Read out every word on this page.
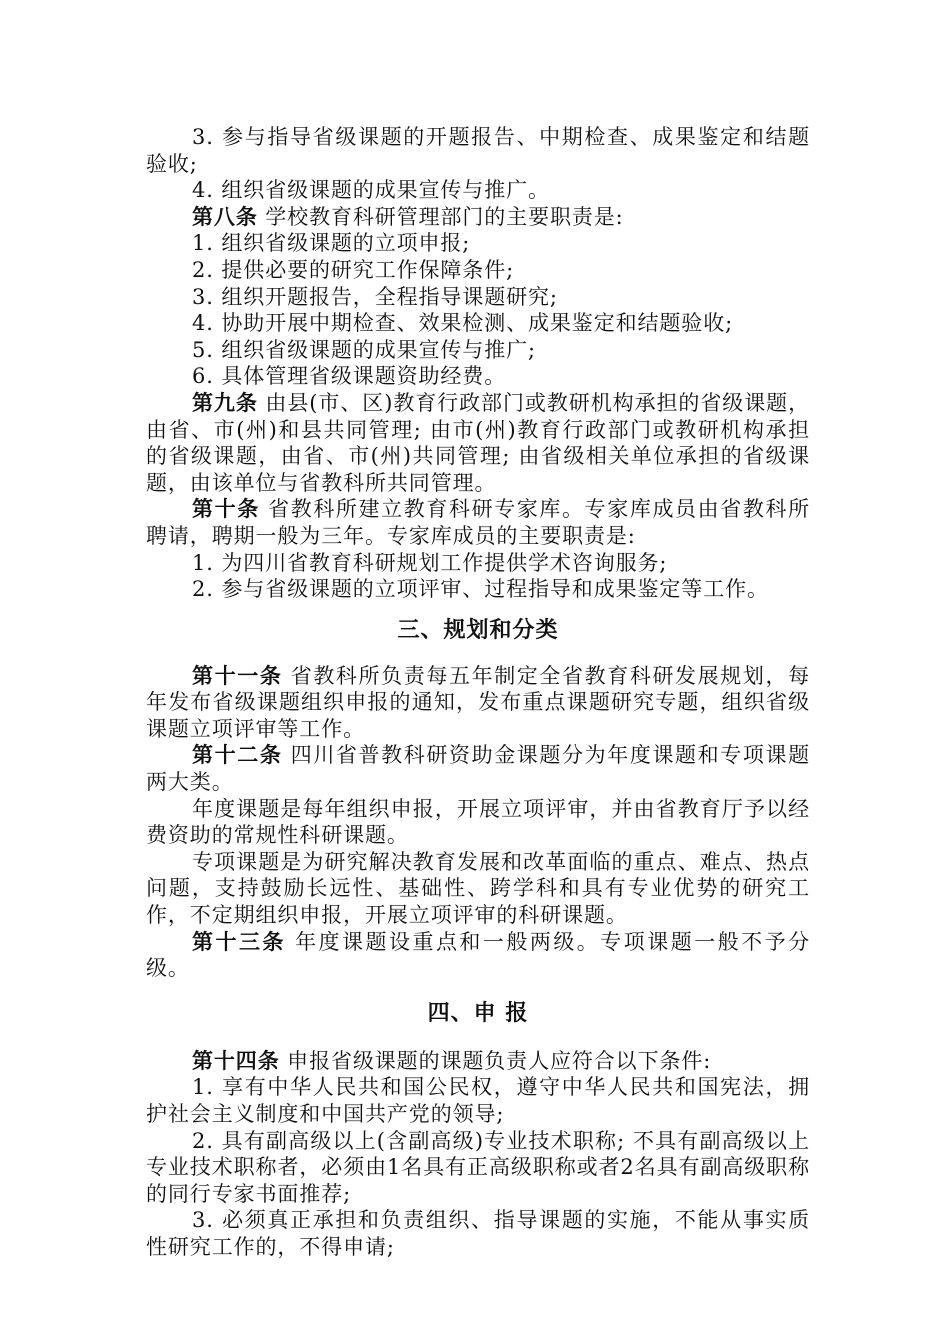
3. 参与指导省级课题的开题报告、中期检查、成果鉴定和结题验收;

4. 组织省级课题的成果宣传与推广。

第八条 学校教育科研管理部门的主要职责是:

1. 组织省级课题的立项申报;

2. 提供必要的研究工作保障条件;

3. 组织开题报告，全程指导课题研究;

4. 协助开展中期检查、效果检测、成果鉴定和结题验收;

5. 组织省级课题的成果宣传与推广;

6. 具体管理省级课题资助经费。

第九条 由县(市、区)教育行政部门或教研机构承担的省级课题，由省、市(州)和县共同管理; 由市(州)教育行政部门或教研机构承担的省级课题，由省、市(州)共同管理; 由省级相关单位承担的省级课题，由该单位与省教科所共同管理。

第十条 省教科所建立教育科研专家库。专家库成员由省教科所聘请，聘期一般为三年。专家库成员的主要职责是:

1. 为四川省教育科研规划工作提供学术咨询服务;

2. 参与省级课题的立项评审、过程指导和成果鉴定等工作。

三、规划和分类

第十一条 省教科所负责每五年制定全省教育科研发展规划，每年发布省级课题组织申报的通知，发布重点课题研究专题，组织省级课题立项评审等工作。

第十二条 四川省普教科研资助金课题分为年度课题和专项课题两大类。

年度课题是每年组织申报，开展立项评审，并由省教育厅予以经费资助的常规性科研课题。

专项课题是为研究解决教育发展和改革面临的重点、难点、热点问题，支持鼓励长远性、基础性、跨学科和具有专业优势的研究工作，不定期组织申报，开展立项评审的科研课题。

第十三条 年度课题设重点和一般两级。专项课题一般不予分级。

四、申 报

第十四条 申报省级课题的课题负责人应符合以下条件:

1. 享有中华人民共和国公民权，遵守中华人民共和国宪法，拥护社会主义制度和中国共产党的领导;

2. 具有副高级以上(含副高级)专业技术职称; 不具有副高级以上专业技术职称者，必须由1名具有正高级职称或者2名具有副高级职称的同行专家书面推荐;

3. 必须真正承担和负责组织、指导课题的实施，不能从事实质性研究工作的，不得申请;
